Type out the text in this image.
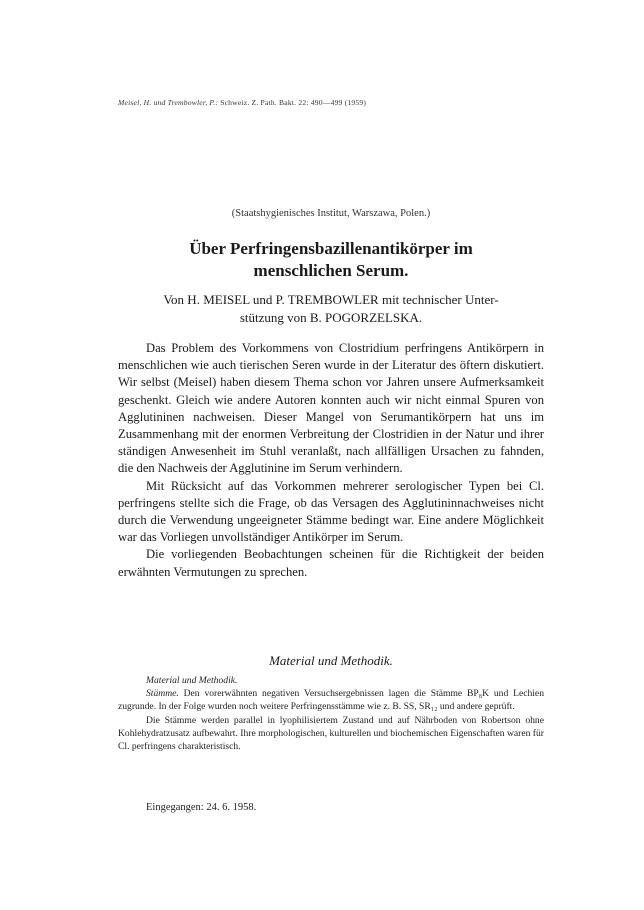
Meisel, H. und Trembowler, P.: Schweiz. Z. Path. Bakt. 22: 490—499 (1959)
(Staatshygienisches Institut, Warszawa, Polen.)
Über Perfringensbazillenantikörper im
menschlichen Serum.
Von H. MEISEL und P. TREMBOWLER mit technischer Unter-
stützung von B. POGORZELSKA.

Das Problem des Vorkommens von Clostridium perfringens Antikörpern in menschlichen wie auch tierischen Seren wurde in der Literatur des öftern diskutiert. Wir selbst (Meisel) haben diesem Thema schon vor Jahren unsere Aufmerksamkeit geschenkt. Gleich wie andere Autoren konnten auch wir nicht einmal Spuren von Agglutininen nachweisen. Dieser Mangel von Serumantikörpern hat uns im Zusammenhang mit der enormen Verbreitung der Clostridien in der Natur und ihrer ständigen Anwesenheit im Stuhl veranlaßt, nach allfälligen Ursachen zu fahnden, die den Nachweis der Agglutinine im Serum verhindern.

Mit Rücksicht auf das Vorkommen mehrerer serologischer Typen bei Cl. perfringens stellte sich die Frage, ob das Versagen des Agglutininnachweises nicht durch die Verwendung ungeeigneter Stämme bedingt war. Eine andere Möglichkeit war das Vorliegen unvollständiger Antikörper im Serum.

Die vorliegenden Beobachtungen scheinen für die Richtigkeit der beiden erwähnten Vermutungen zu sprechen.

Material und Methodik.

Material und Methodik.

Stämme. Den vorerwähnten negativen Versuchsergebnissen lagen die Stämme BP₈K und Lechien zugrunde. In der Folge wurden noch weitere Perfringensstämme wie z. B. SS, SR₁₂ und andere geprüft.

Die Stämme werden parallel in lyophilisiertem Zustand und auf Nährboden von Robertson ohne Kohlehydratzusatz aufbewahrt. Ihre morphologischen, kulturellen und biochemischen Eigenschaften waren für Cl. perfringens charakteristisch.

Eingegangen: 24. 6. 1958.
